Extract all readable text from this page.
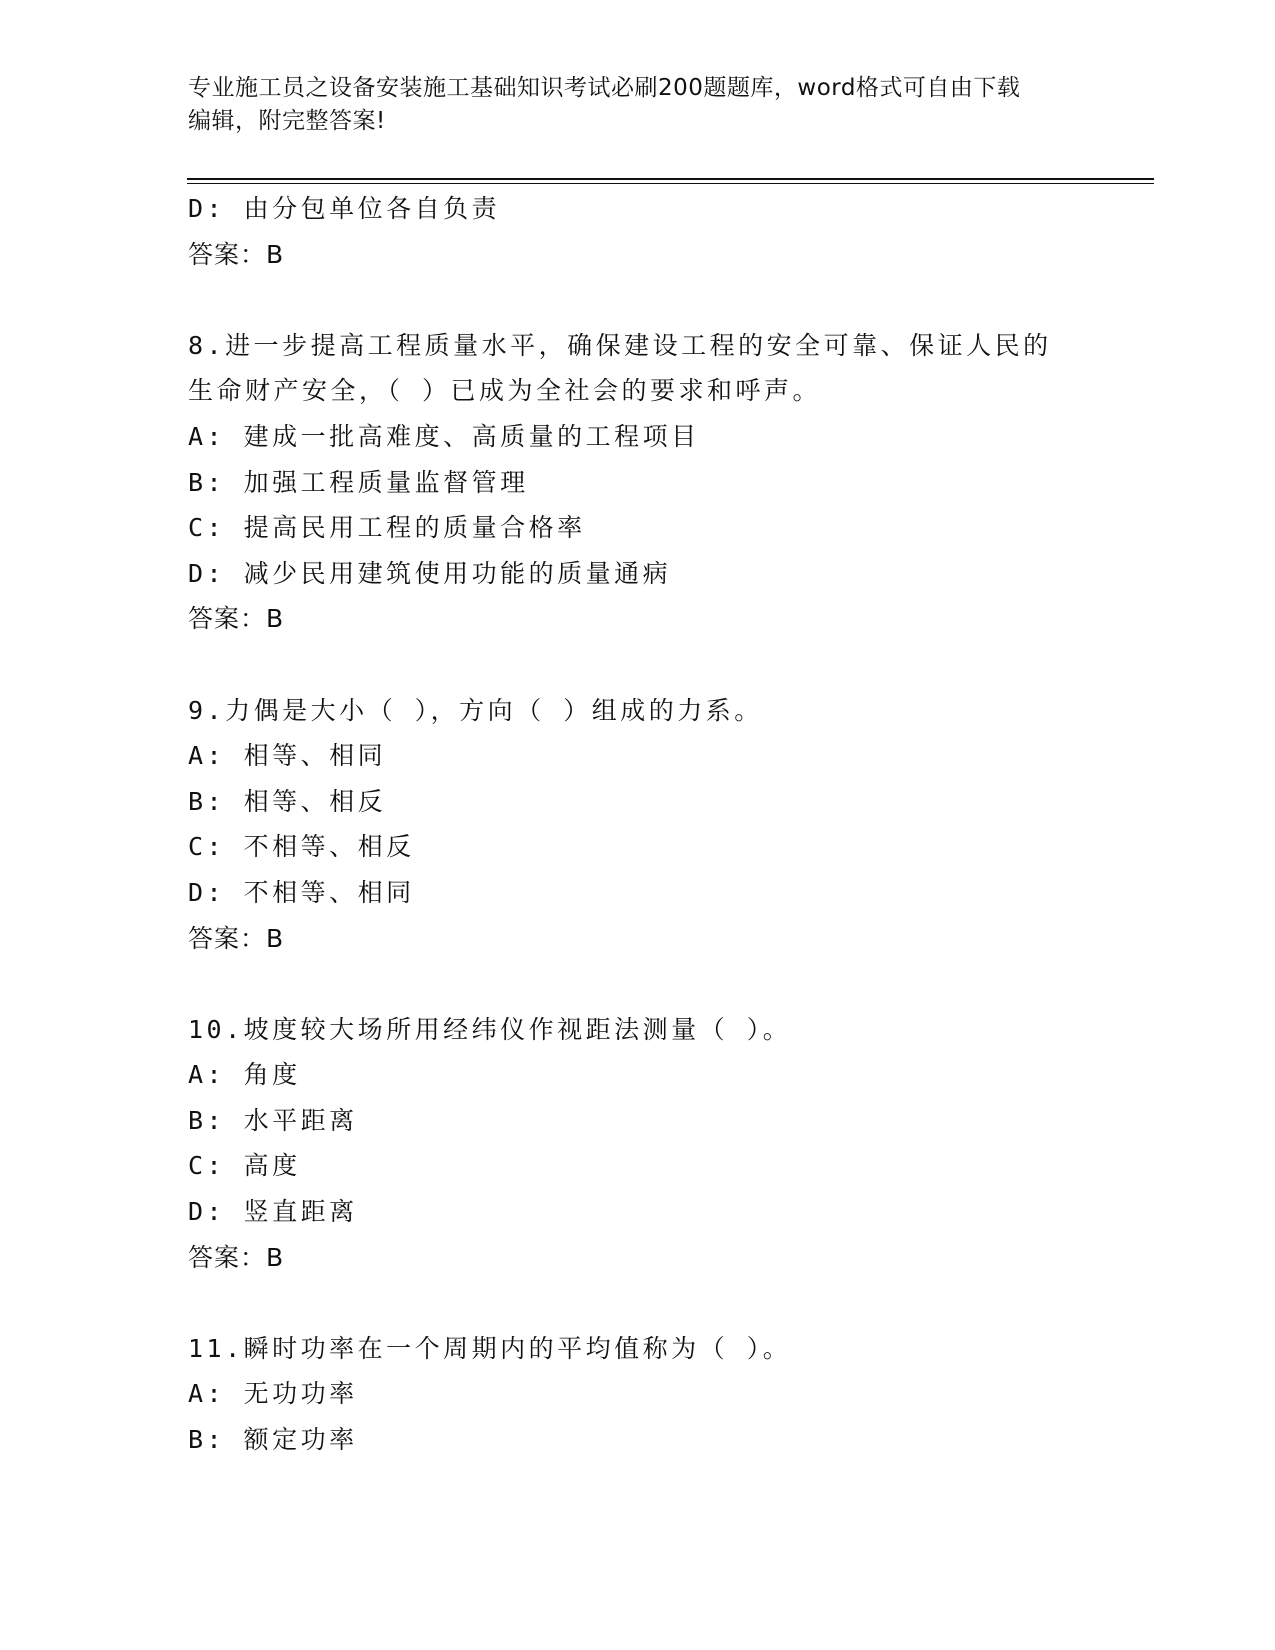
专业施工员之设备安装施工基础知识考试必刷200题题库，word格式可自由下载
编辑，附完整答案!
D: 由分包单位各自负责
答案：B
8.进一步提高工程质量水平，确保建设工程的安全可靠、保证人民的
生命财产安全，（ ）已成为全社会的要求和呼声。
A: 建成一批高难度、高质量的工程项目
B: 加强工程质量监督管理
C: 提高民用工程的质量合格率
D: 减少民用建筑使用功能的质量通病
答案：B
9.力偶是大小（ ），方向（ ）组成的力系。
A: 相等、相同
B: 相等、相反
C: 不相等、相反
D: 不相等、相同
答案：B
10.坡度较大场所用经纬仪作视距法测量（ ）。
A: 角度
B: 水平距离
C: 高度
D: 竖直距离
答案：B
11.瞬时功率在一个周期内的平均值称为（ ）。
A: 无功功率
B: 额定功率
